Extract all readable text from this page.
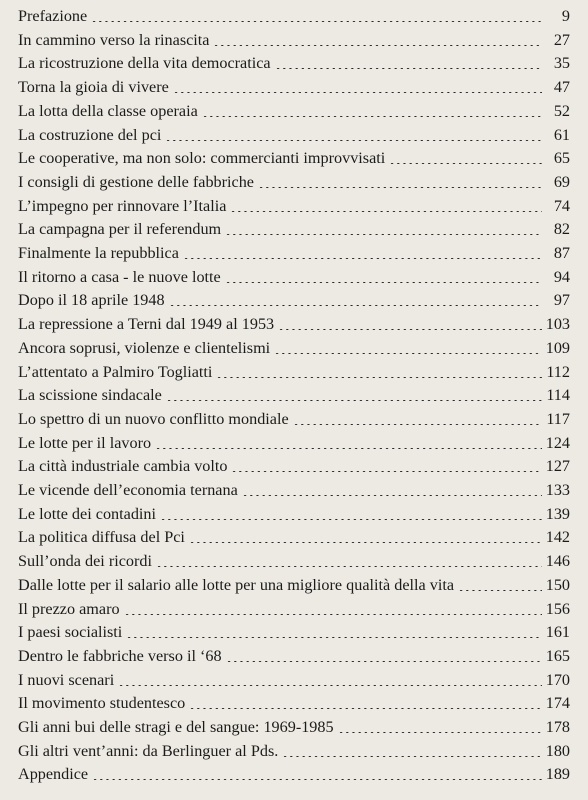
Prefazione	9
In cammino verso la rinascita	27
La ricostruzione della vita democratica	35
Torna la gioia di vivere	47
La lotta della classe operaia	52
La costruzione del pci	61
Le cooperative, ma non solo: commercianti improvvisati	65
I consigli di gestione delle fabbriche	69
L’impegno per rinnovare l’Italia	74
La campagna per il referendum	82
Finalmente la repubblica	87
Il ritorno a casa - le nuove lotte	94
Dopo il 18 aprile 1948	97
La repressione a Terni dal 1949 al 1953	103
Ancora soprusi, violenze e clientelismi	109
L’attentato a Palmiro Togliatti	112
La scissione sindacale	114
Lo spettro di un nuovo conflitto mondiale	117
Le lotte per il lavoro	124
La città industriale cambia volto	127
Le vicende dell’economia ternana	133
Le lotte dei contadini	139
La politica diffusa del Pci	142
Sull’onda dei ricordi	146
Dalle lotte per il salario alle lotte per una migliore qualità della vita	150
Il prezzo amaro	156
I paesi socialisti	161
Dentro le fabbriche verso il ‘68	165
I nuovi scenari	170
Il movimento studentesco	174
Gli anni bui delle stragi e del sangue: 1969-1985	178
Gli altri vent’anni: da Berlinguer al Pds.	180
Appendice	189
